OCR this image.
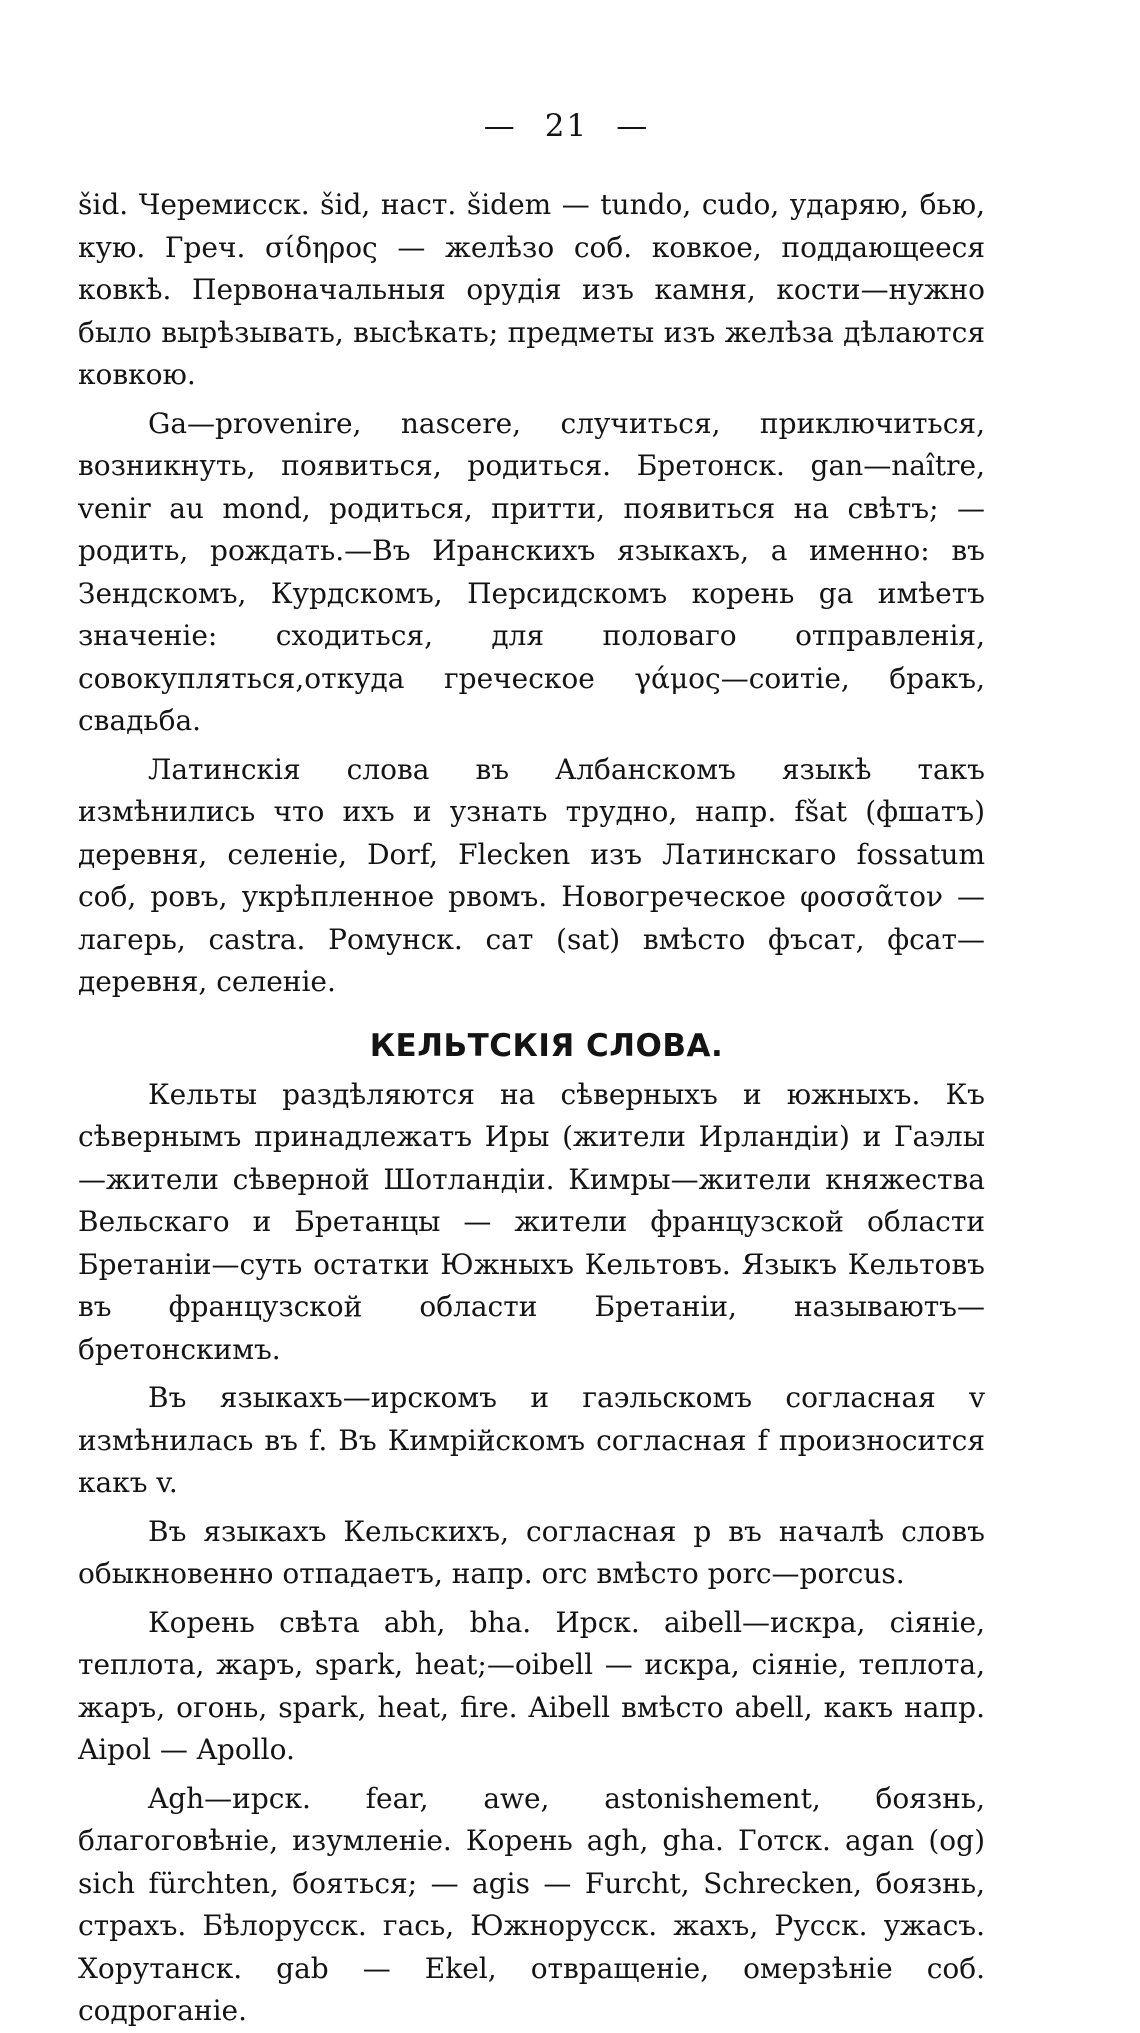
— 21 —

šid. Черемисск. šid, наст. šidem — tundo, cudo, ударяю, бью, кую. Греч. σίδηρος — желѣзо соб. ковкое, поддающееся ковкѣ. Первоначальныя орудія изъ камня, кости—нужно было вырѣзывать, высѣкать; предметы изъ желѣза дѣлаются ковкою.

Ga—provenire, nascere, случиться, приключиться, возникнуть, появиться, родиться. Бретонск. gan—naître, venir au mond, родиться, притти, появиться на свѣтъ; — родить, рождать.—Въ Иранскихъ языкахъ, а именно: въ Зендскомъ, Курдскомъ, Персидскомъ корень ga имѣетъ значеніе: сходиться, для половаго отправленія, совокупляться,откуда греческое γάμος—соитіе, бракъ, свадьба.

Латинскія слова въ Албанскомъ языкѣ такъ измѣнились что ихъ и узнать трудно, напр. fšat (фшатъ) деревня, селеніе, Dorf, Flecken изъ Латинскаго fossatum соб, ровъ, укрѣпленное рвомъ. Новогреческое φοσσᾶτον — лагерь, castra. Ромунск. сат (sat) вмѣсто фъсат, фсат—деревня, селеніе.

КЕЛЬТСКІЯ СЛОВА.

Кельты раздѣляются на сѣверныхъ и южныхъ. Къ сѣвернымъ принадлежатъ Иры (жители Ирландіи) и Гаэлы—жители сѣверной Шотландіи. Кимры—жители княжества Вельскаго и Бретанцы — жители французской области Бретаніи—суть остатки Южныхъ Кельтовъ. Языкъ Кельтовъ въ французской области Бретаніи, называютъ—бретонскимъ.

Въ языкахъ—ирскомъ и гаэльскомъ согласная v измѣнилась въ f. Въ Кимрійскомъ согласная f произносится какъ v.

Въ языкахъ Кельскихъ, согласная p въ началѣ словъ обыкновенно отпадаетъ, напр. orc вмѣсто porc—porcus.

Корень свѣта abh, bha. Ирск. aibell—искра, сіяніе, теплота, жаръ, spark, heat;—oibell — искра, сіяніе, теплота, жаръ, огонь, spark, heat, fire. Aibell вмѣсто abell, какъ напр. Aipol — Apollo.

Agh—ирск. fear, awe, astonishement, боязнь, благоговѣніе, изумленіе. Корень agh, gha. Готск. agan (og) sich fürchten, бояться; — agis — Furcht, Schrecken, боязнь, страхъ. Бѣлорусск. гась, Южнорусск. жахъ, Русск. ужасъ. Хорутанск. gab — Ekel, отвращеніе, омерзѣніе соб. содроганіе.
